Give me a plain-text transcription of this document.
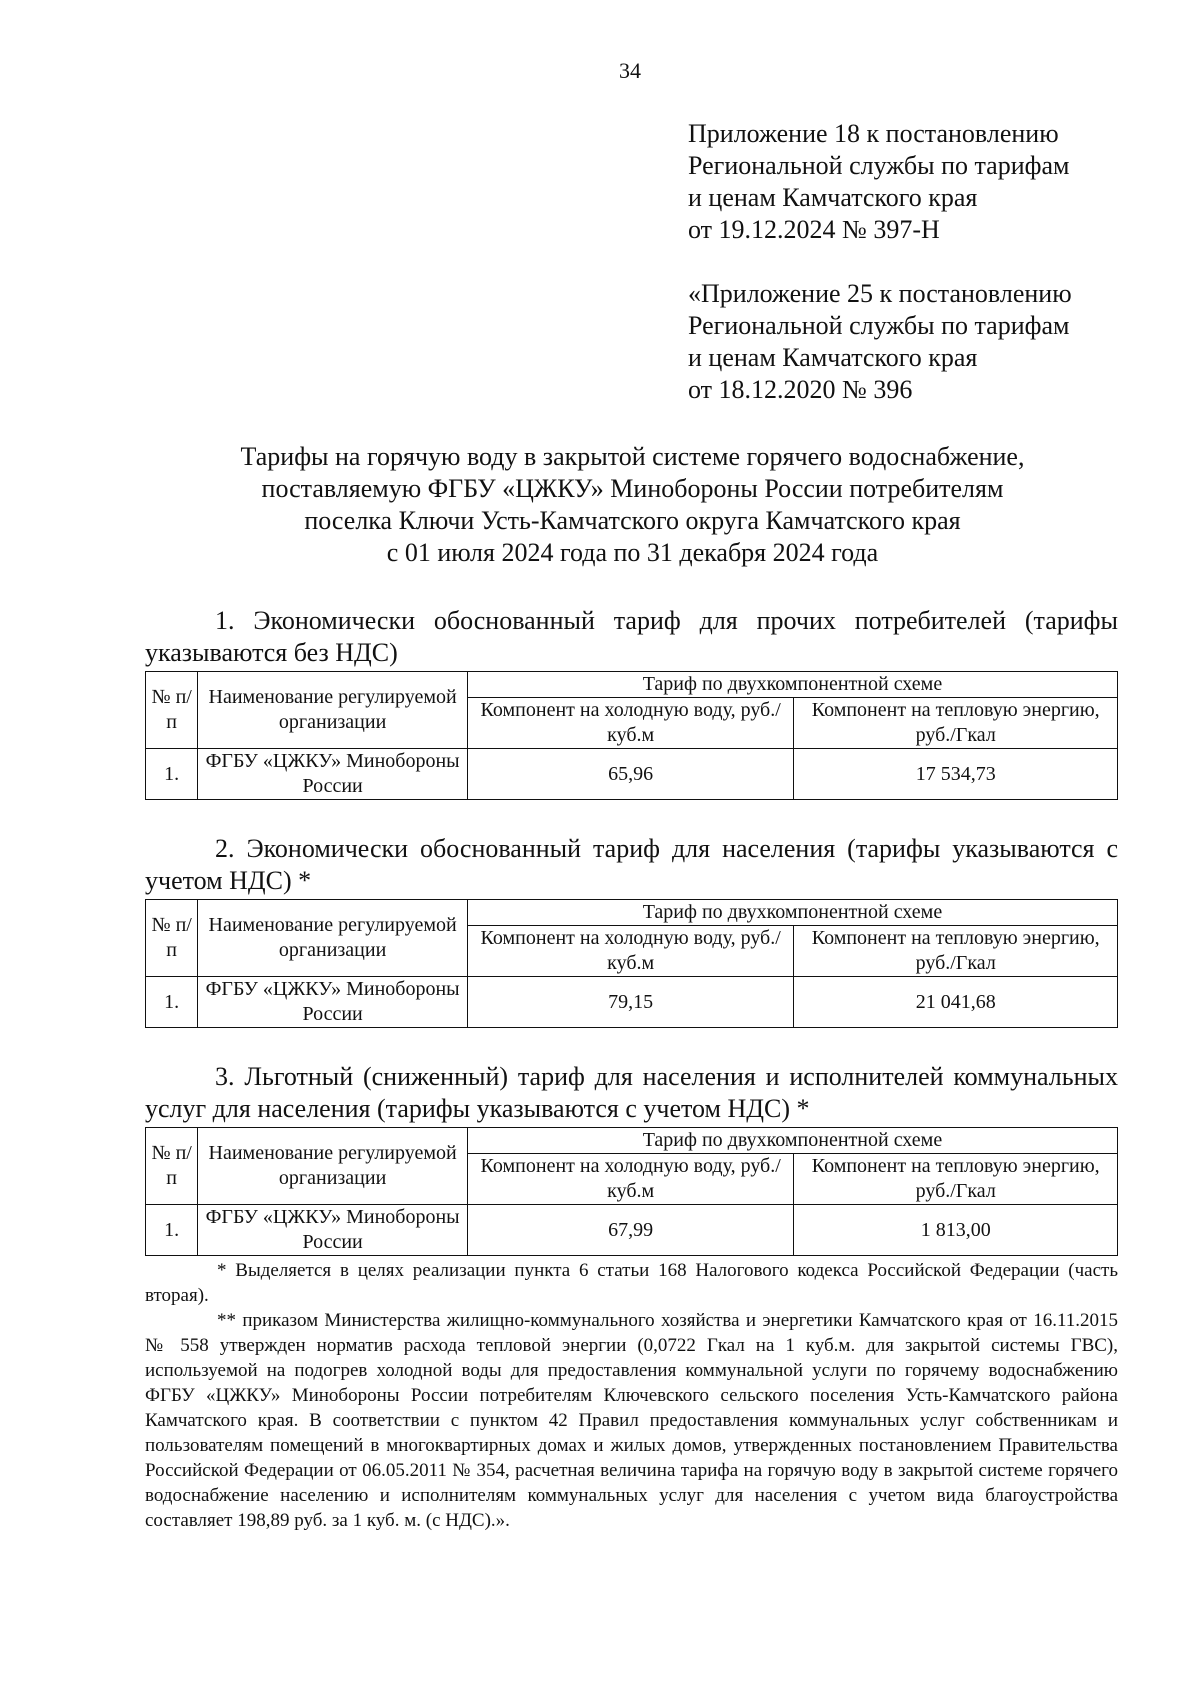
34
Приложение 18 к постановлению
Региональной службы по тарифам
и ценам Камчатского края
от 19.12.2024 № 397-Н
«Приложение 25 к постановлению
Региональной службы по тарифам
и ценам Камчатского края
от 18.12.2020 № 396
Тарифы на горячую воду в закрытой системе горячего водоснабжение,
поставляемую ФГБУ «ЦЖКУ» Минобороны России потребителям
поселка Ключи Усть-Камчатского округа Камчатского края
с 01 июля 2024 года по 31 декабря 2024 года
1. Экономически обоснованный тариф для прочих потребителей (тарифы указываются без НДС)
№ п/п	Наименование регулируемой организации	Тариф по двухкомпонентной схеме	
		Компонент на холодную воду, руб./куб.м	Компонент на тепловую энергию, руб./Гкал
1.	ФГБУ «ЦЖКУ» Минобороны России	65,96	17 534,73
2. Экономически обоснованный тариф для населения (тарифы указываются с учетом НДС) *
№ п/п	Наименование регулируемой организации	Тариф по двухкомпонентной схеме	
		Компонент на холодную воду, руб./куб.м	Компонент на тепловую энергию, руб./Гкал
1.	ФГБУ «ЦЖКУ» Минобороны России	79,15	21 041,68
3. Льготный (сниженный) тариф для населения и исполнителей коммунальных услуг для населения (тарифы указываются с учетом НДС) *
№ п/п	Наименование регулируемой организации	Тариф по двухкомпонентной схеме	
		Компонент на холодную воду, руб./куб.м	Компонент на тепловую энергию, руб./Гкал
1.	ФГБУ «ЦЖКУ» Минобороны России	67,99	1 813,00

* Выделяется в целях реализации пункта 6 статьи 168 Налогового кодекса Российской Федерации (часть вторая).

** приказом Министерства жилищно-коммунального хозяйства и энергетики Камчатского края от 16.11.2015 № 558 утвержден норматив расхода тепловой энергии (0,0722 Гкал на 1 куб.м. для закрытой системы ГВС), используемой на подогрев холодной воды для предоставления коммунальной услуги по горячему водоснабжению ФГБУ «ЦЖКУ» Минобороны России потребителям Ключевского сельского поселения Усть-Камчатского района Камчатского края. В соответствии с пунктом 42 Правил предоставления коммунальных услуг собственникам и пользователям помещений в многоквартирных домах и жилых домов, утвержденных постановлением Правительства Российской Федерации от 06.05.2011 № 354, расчетная величина тарифа на горячую воду в закрытой системе горячего водоснабжение населению и исполнителям коммунальных услуг для населения с учетом вида благоустройства составляет 198,89 руб. за 1 куб. м. (с НДС).».
